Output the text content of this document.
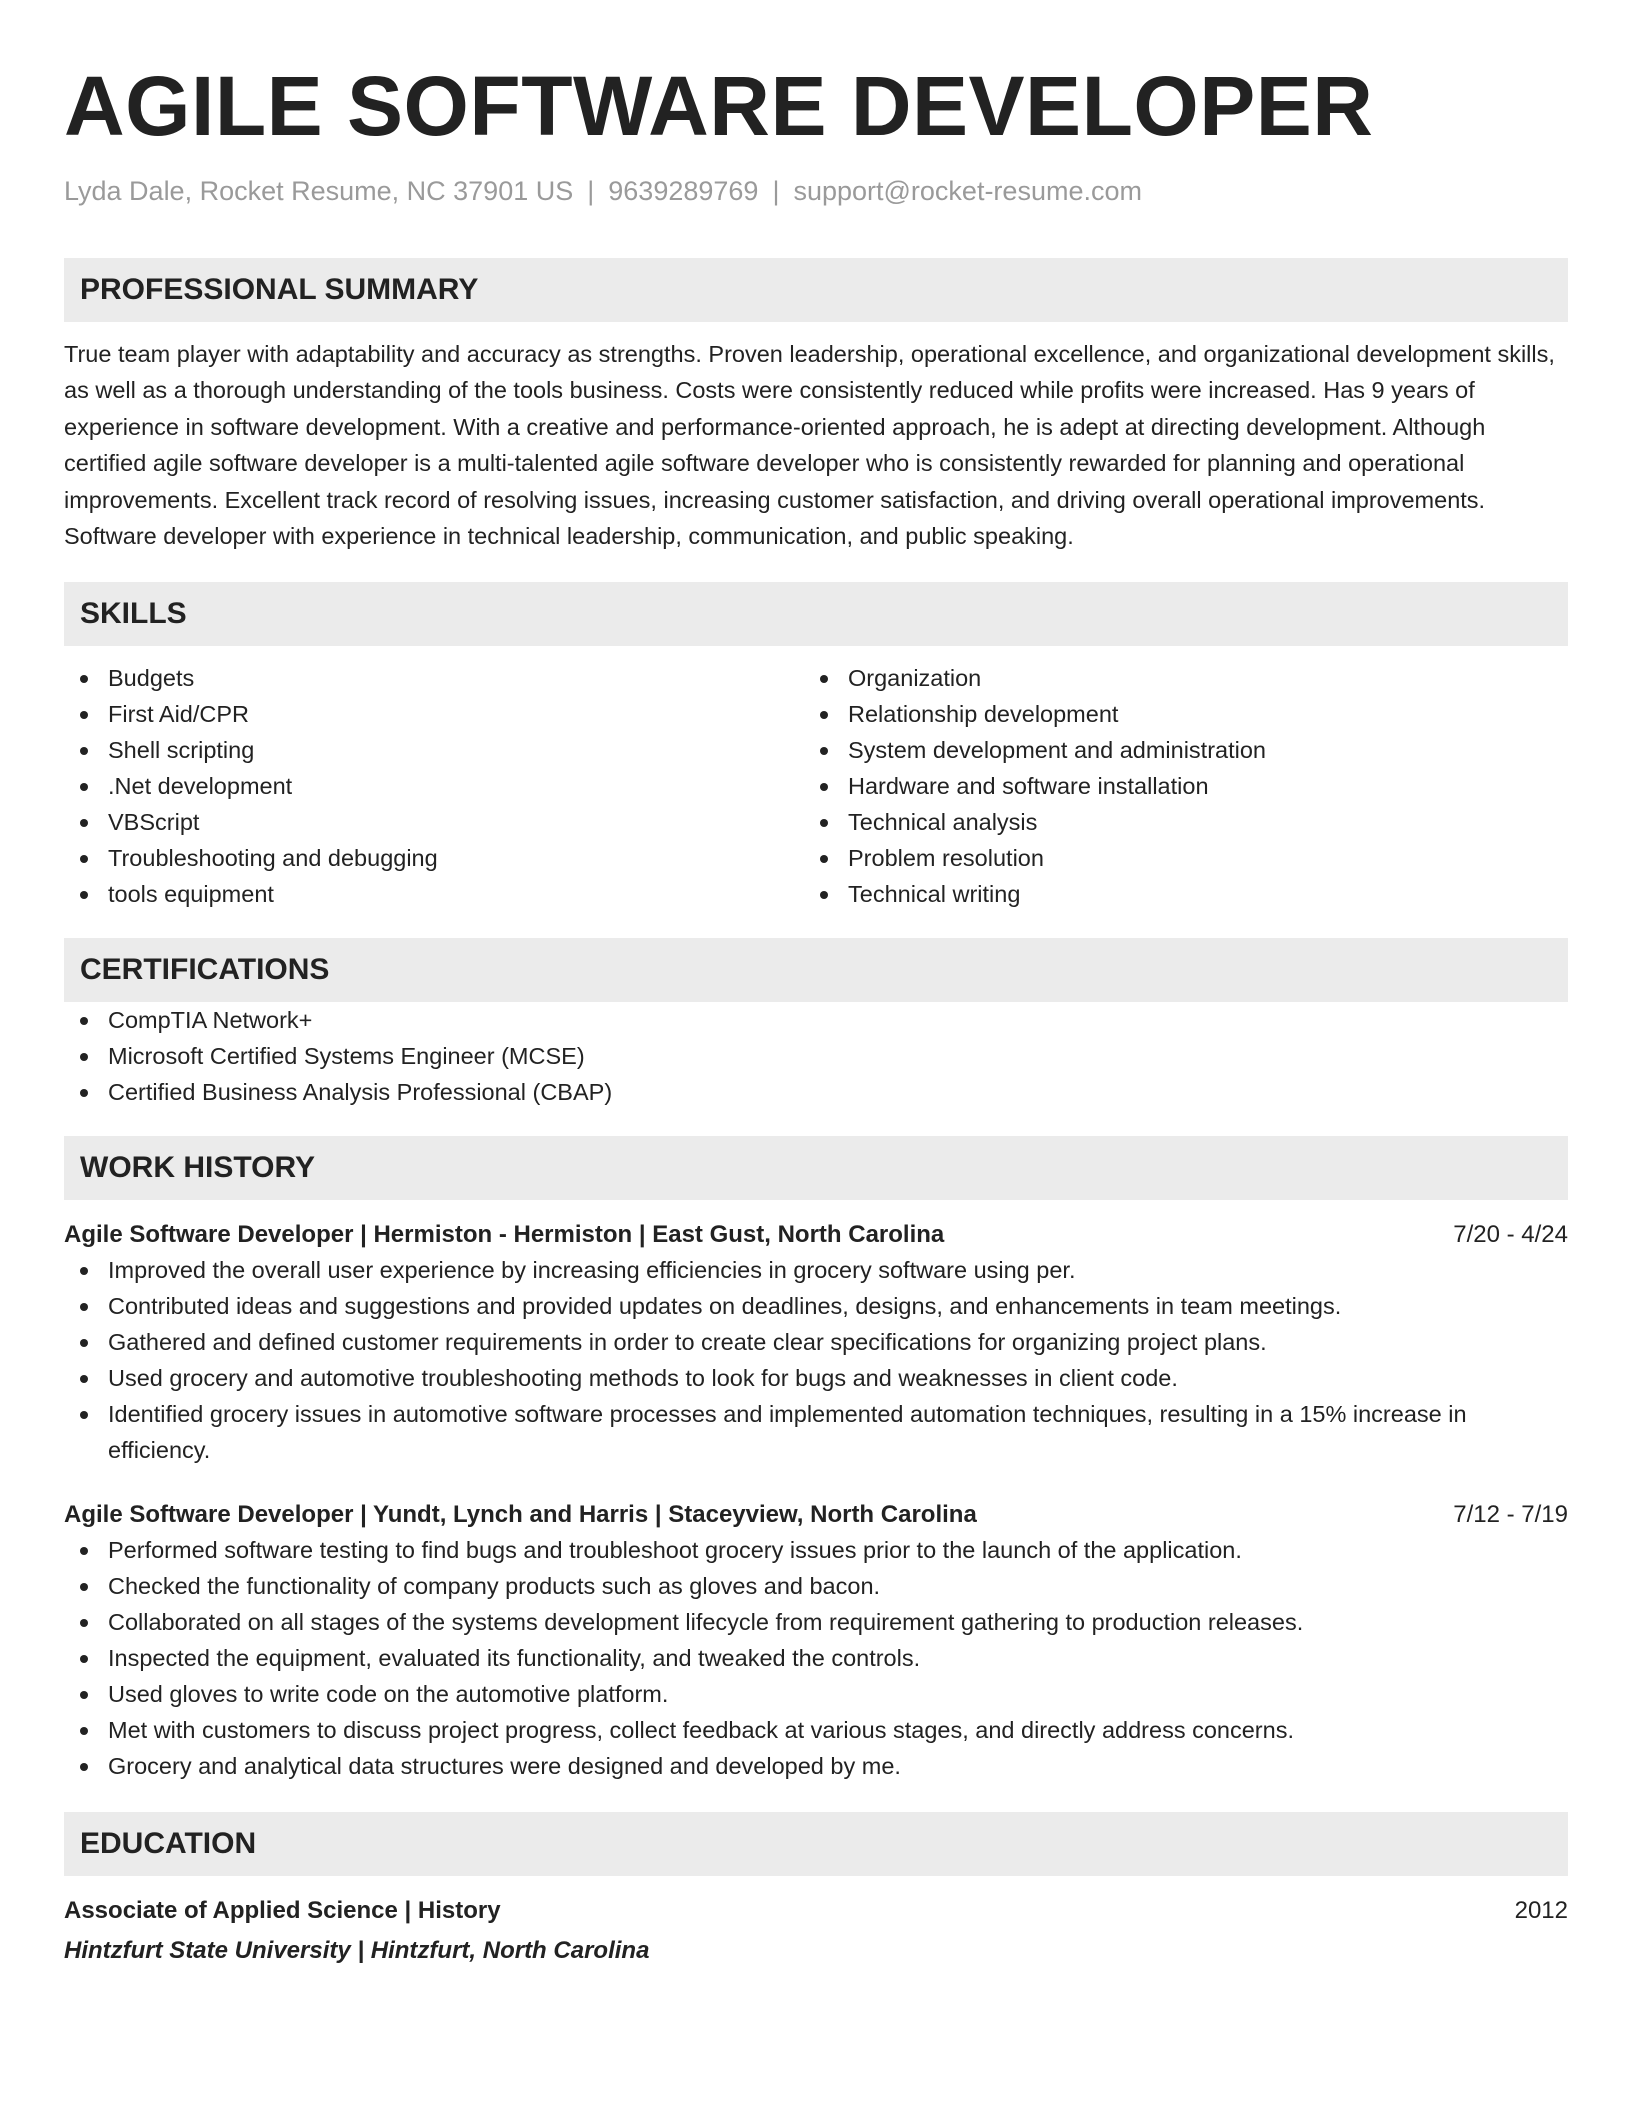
AGILE SOFTWARE DEVELOPER
Lyda Dale, Rocket Resume, NC 37901 US | 9639289769 | support@rocket-resume.com
PROFESSIONAL SUMMARY
True team player with adaptability and accuracy as strengths. Proven leadership, operational excellence, and organizational development skills, as well as a thorough understanding of the tools business. Costs were consistently reduced while profits were increased. Has 9 years of experience in software development. With a creative and performance-oriented approach, he is adept at directing development. Although certified agile software developer is a multi-talented agile software developer who is consistently rewarded for planning and operational improvements. Excellent track record of resolving issues, increasing customer satisfaction, and driving overall operational improvements. Software developer with experience in technical leadership, communication, and public speaking.
SKILLS
Budgets
First Aid/CPR
Shell scripting
.Net development
VBScript
Troubleshooting and debugging
tools equipment
Organization
Relationship development
System development and administration
Hardware and software installation
Technical analysis
Problem resolution
Technical writing
CERTIFICATIONS
CompTIA Network+
Microsoft Certified Systems Engineer (MCSE)
Certified Business Analysis Professional (CBAP)
WORK HISTORY
Agile Software Developer | Hermiston - Hermiston | East Gust, North Carolina	7/20 - 4/24
Improved the overall user experience by increasing efficiencies in grocery software using per.
Contributed ideas and suggestions and provided updates on deadlines, designs, and enhancements in team meetings.
Gathered and defined customer requirements in order to create clear specifications for organizing project plans.
Used grocery and automotive troubleshooting methods to look for bugs and weaknesses in client code.
Identified grocery issues in automotive software processes and implemented automation techniques, resulting in a 15% increase in efficiency.
Agile Software Developer | Yundt, Lynch and Harris | Staceyview, North Carolina	7/12 - 7/19
Performed software testing to find bugs and troubleshoot grocery issues prior to the launch of the application.
Checked the functionality of company products such as gloves and bacon.
Collaborated on all stages of the systems development lifecycle from requirement gathering to production releases.
Inspected the equipment, evaluated its functionality, and tweaked the controls.
Used gloves to write code on the automotive platform.
Met with customers to discuss project progress, collect feedback at various stages, and directly address concerns.
Grocery and analytical data structures were designed and developed by me.
EDUCATION
Associate of Applied Science | History	2012
Hintzfurt State University | Hintzfurt, North Carolina
